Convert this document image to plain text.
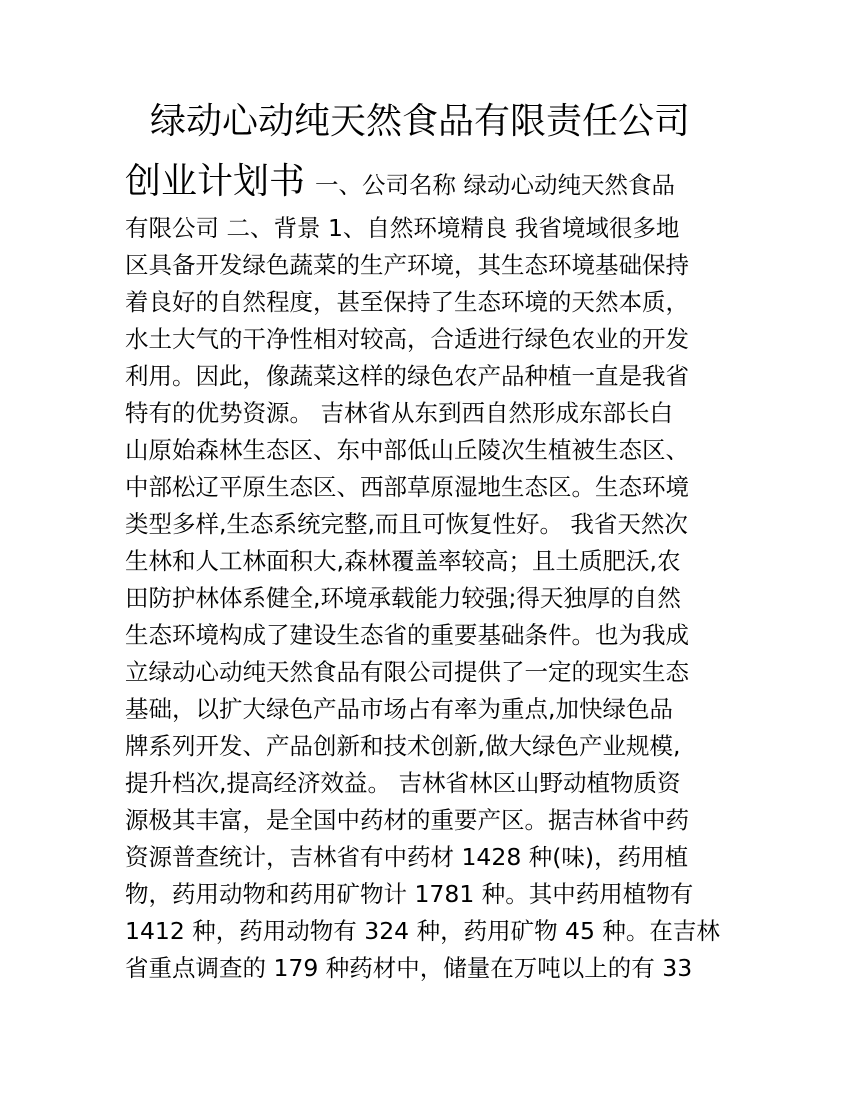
绿动心动纯天然食品有限责任公司
创业计划书 一、公司名称 绿动心动纯天然食品
有限公司 二、背景 1、自然环境精良 我省境域很多地
区具备开发绿色蔬菜的生产环境，其生态环境基础保持
着良好的自然程度，甚至保持了生态环境的天然本质，
水土大气的干净性相对较高，合适进行绿色农业的开发
利用。因此，像蔬菜这样的绿色农产品种植一直是我省
特有的优势资源。 吉林省从东到西自然形成东部长白
山原始森林生态区、东中部低山丘陵次生植被生态区、
中部松辽平原生态区、西部草原湿地生态区。生态环境
类型多样,生态系统完整,而且可恢复性好。 我省天然次
生林和人工林面积大,森林覆盖率较高；且土质肥沃,农
田防护林体系健全,环境承载能力较强;得天独厚的自然
生态环境构成了建设生态省的重要基础条件。也为我成
立绿动心动纯天然食品有限公司提供了一定的现实生态
基础，以扩大绿色产品市场占有率为重点,加快绿色品
牌系列开发、产品创新和技术创新,做大绿色产业规模,
提升档次,提高经济效益。 吉林省林区山野动植物质资
源极其丰富，是全国中药材的重要产区。据吉林省中药
资源普查统计，吉林省有中药材 1428 种(味)，药用植
物，药用动物和药用矿物计 1781 种。其中药用植物有
1412 种，药用动物有 324 种，药用矿物 45 种。在吉林
省重点调查的 179 种药材中，储量在万吨以上的有 33
